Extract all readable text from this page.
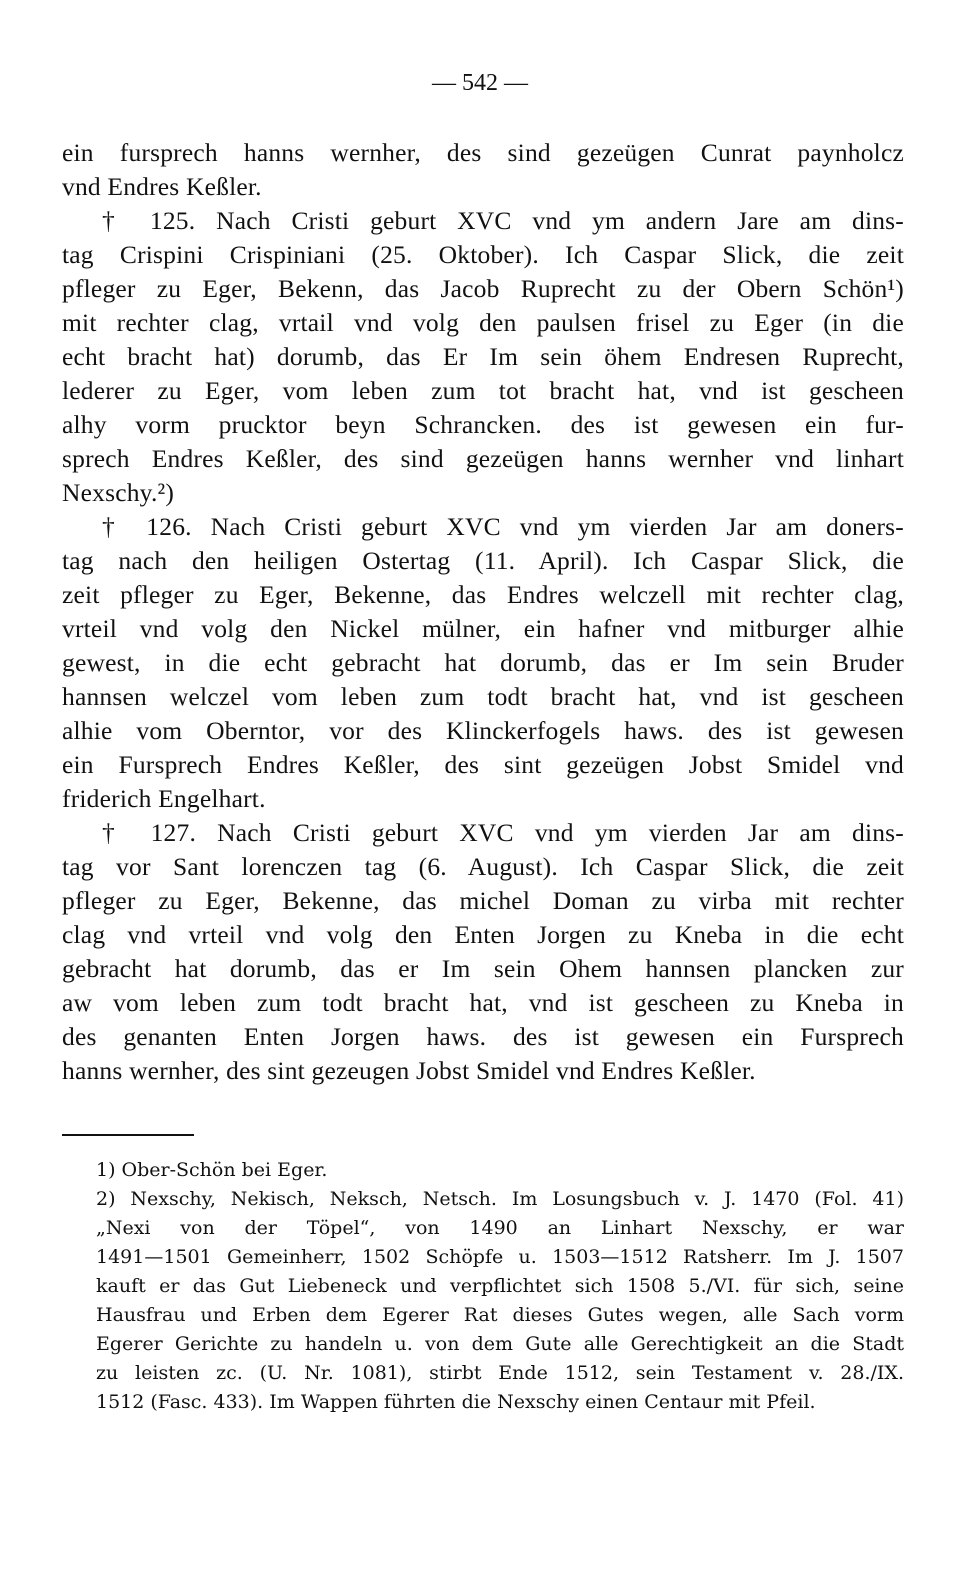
— 542 —
ein fursprech hanns wernher, des sind gezeügen Cunrat paynholcz
vnd Endres Keßler.
† 125. Nach Cristi geburt XVC vnd ym andern Jare am dins-
tag Crispini Crispiniani (25. Oktober). Ich Caspar Slick, die zeit
pfleger zu Eger, Bekenn, das Jacob Ruprecht zu der Obern Schön¹)
mit rechter clag, vrtail vnd volg den paulsen frisel zu Eger (in die
echt bracht hat) dorumb, das Er Im sein öhem Endresen Ruprecht,
lederer zu Eger, vom leben zum tot bracht hat, vnd ist gescheen
alhy vorm prucktor beyn Schrancken. des ist gewesen ein fur-
sprech Endres Keßler, des sind gezeügen hanns wernher vnd linhart
Nexschy.²)
† 126. Nach Cristi geburt XVC vnd ym vierden Jar am doners-
tag nach den heiligen Ostertag (11. April). Ich Caspar Slick, die
zeit pfleger zu Eger, Bekenne, das Endres welczell mit rechter clag,
vrteil vnd volg den Nickel mülner, ein hafner vnd mitburger alhie
gewest, in die echt gebracht hat dorumb, das er Im sein Bruder
hannsen welczel vom leben zum todt bracht hat, vnd ist gescheen
alhie vom Oberntor, vor des Klinckerfogels haws. des ist gewesen
ein Fursprech Endres Keßler, des sint gezeügen Jobst Smidel vnd
friderich Engelhart.
† 127. Nach Cristi geburt XVC vnd ym vierden Jar am dins-
tag vor Sant lorenczen tag (6. August). Ich Caspar Slick, die zeit
pfleger zu Eger, Bekenne, das michel Doman zu virba mit rechter
clag vnd vrteil vnd volg den Enten Jorgen zu Kneba in die echt
gebracht hat dorumb, das er Im sein Ohem hannsen plancken zur
aw vom leben zum todt bracht hat, vnd ist gescheen zu Kneba in
des genanten Enten Jorgen haws. des ist gewesen ein Fursprech
hanns wernher, des sint gezeugen Jobst Smidel vnd Endres Keßler.
1) Ober-Schön bei Eger.
2) Nexschy, Nekisch, Neksch, Netsch. Im Losungsbuch v. J. 1470 (Fol. 41)
„Nexi von der Töpel“, von 1490 an Linhart Nexschy, er war
1491—1501 Gemeinherr, 1502 Schöpfe u. 1503—1512 Ratsherr. Im J. 1507
kauft er das Gut Liebeneck und verpflichtet sich 1508 5./VI. für sich, seine
Hausfrau und Erben dem Egerer Rat dieses Gutes wegen, alle Sach vorm
Egerer Gerichte zu handeln u. von dem Gute alle Gerechtigkeit an die Stadt
zu leisten zc. (U. Nr. 1081), stirbt Ende 1512, sein Testament v. 28./IX.
1512 (Fasc. 433). Im Wappen führten die Nexschy einen Centaur mit Pfeil.
